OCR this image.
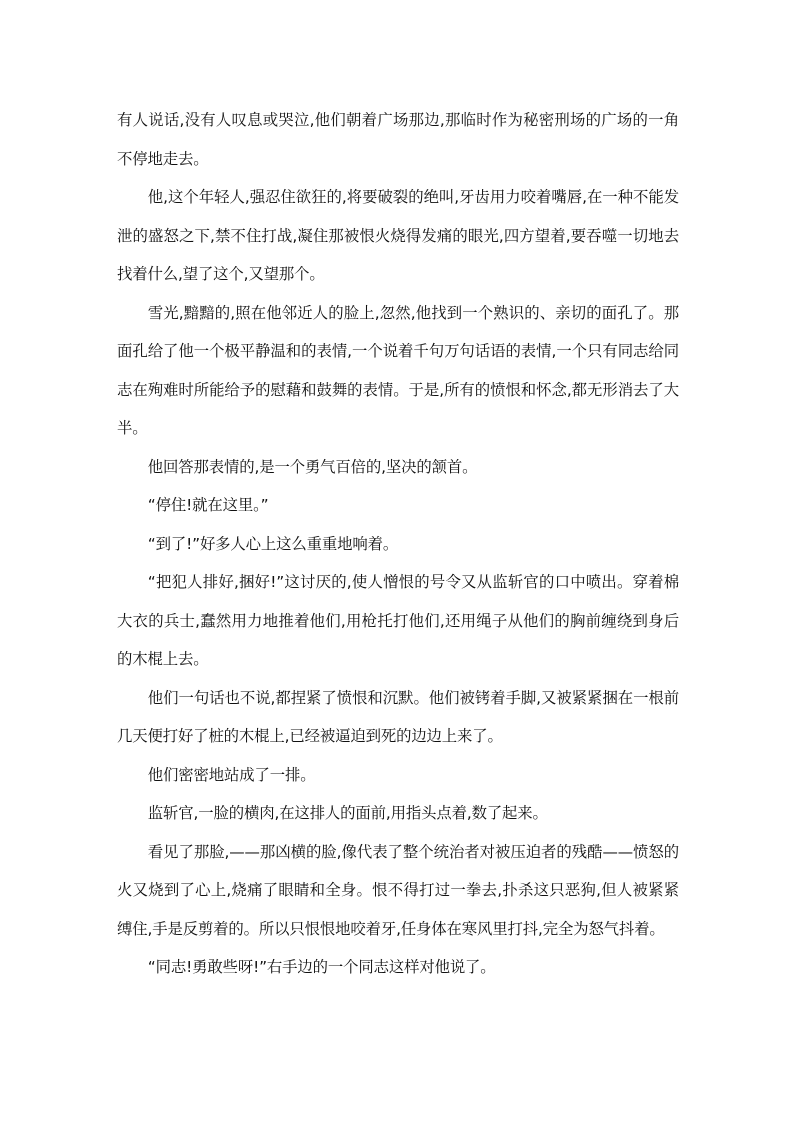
有人说话,没有人叹息或哭泣,他们朝着广场那边,那临时作为秘密刑场的广场的一角不停地走去。

他,这个年轻人,强忍住欲狂的,将要破裂的绝叫,牙齿用力咬着嘴唇,在一种不能发泄的盛怒之下,禁不住打战,凝住那被恨火烧得发痛的眼光,四方望着,要吞噬一切地去找着什么,望了这个,又望那个。

雪光,黯黯的,照在他邻近人的脸上,忽然,他找到一个熟识的、亲切的面孔了。那面孔给了他一个极平静温和的表情,一个说着千句万句话语的表情,一个只有同志给同志在殉难时所能给予的慰藉和鼓舞的表情。于是,所有的愤恨和怀念,都无形消去了大半。

他回答那表情的,是一个勇气百倍的,坚决的颔首。

“停住!就在这里。”

“到了!”好多人心上这么重重地响着。

“把犯人排好,捆好!”这讨厌的,使人憎恨的号令又从监斩官的口中喷出。穿着棉大衣的兵士,蠢然用力地推着他们,用枪托打他们,还用绳子从他们的胸前缠绕到身后的木棍上去。

他们一句话也不说,都捏紧了愤恨和沉默。他们被铐着手脚,又被紧紧捆在一根前几天便打好了桩的木棍上,已经被逼迫到死的边边上来了。

他们密密地站成了一排。

监斩官,一脸的横肉,在这排人的面前,用指头点着,数了起来。

看见了那脸,——那凶横的脸,像代表了整个统治者对被压迫者的残酷——愤怒的火又烧到了心上,烧痛了眼睛和全身。恨不得打过一拳去,扑杀这只恶狗,但人被紧紧缚住,手是反剪着的。所以只恨恨地咬着牙,任身体在寒风里打抖,完全为怒气抖着。

“同志!勇敢些呀!”右手边的一个同志这样对他说了。
